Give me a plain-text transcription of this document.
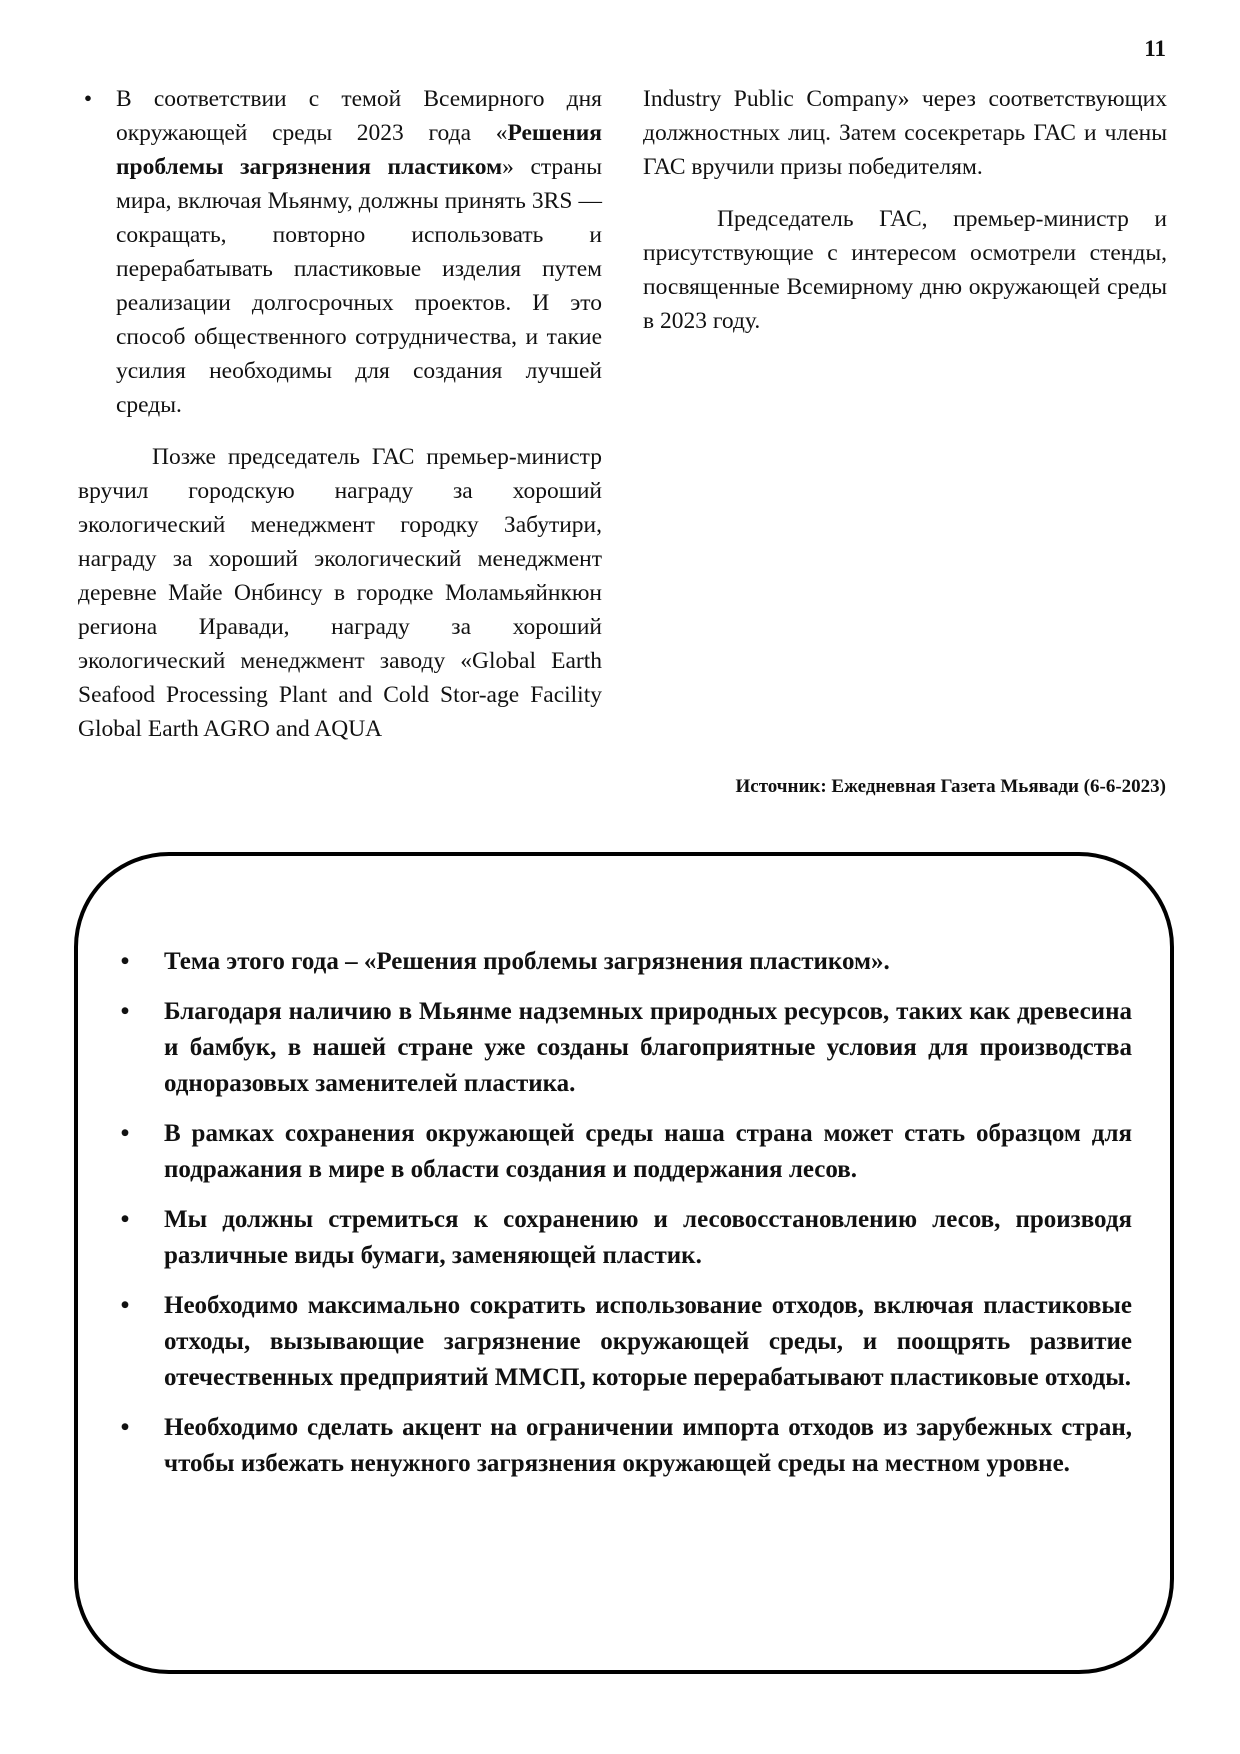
11

• В соответствии с темой Всемирного дня окружающей среды 2023 года «Решения проблемы загрязнения пластиком» страны мира, включая Мьянму, должны принять 3RS — сокращать, повторно использовать и перерабатывать пластиковые изделия путем реализации долгосрочных проектов. И это способ общественного сотрудничества, и такие усилия необходимы для создания лучшей среды.

Позже председатель ГАС премьер-министр вручил городскую награду за хороший экологический менеджмент городку Забутири, награду за хороший экологический менеджмент деревне Майе Онбинсу в городке Моламьяйнкюн региона Иравади, награду за хороший экологический менеджмент заводу «Global Earth Seafood Processing Plant and Cold Stor-age Facility Global Earth AGRO and AQUA

Industry Public Company» через соответствующих должностных лиц. Затем сосекретарь ГАС и члены ГАС вручили призы победителям.

Председатель ГАС, премьер-министр и присутствующие с интересом осмотрели стенды, посвященные Всемирному дню окружающей среды в 2023 году.

Источник: Ежедневная Газета Мьявади (6-6-2023)
• Тема этого года – «Решения проблемы загрязнения пластиком».
• Благодаря наличию в Мьянме надземных природных ресурсов, таких как древесина и бамбук, в нашей стране уже созданы благоприятные условия для производства одноразовых заменителей пластика.
• В рамках сохранения окружающей среды наша страна может стать образцом для подражания в мире в области создания и поддержания лесов.
• Мы должны стремиться к сохранению и лесовосстановлению лесов, производя различные виды бумаги, заменяющей пластик.
• Необходимо максимально сократить использование отходов, включая пластиковые отходы, вызывающие загрязнение окружающей среды, и поощрять развитие отечественных предприятий ММСП, которые перерабатывают пластиковые отходы.
• Необходимо сделать акцент на ограничении импорта отходов из зарубежных стран, чтобы избежать ненужного загрязнения окружающей среды на местном уровне.
